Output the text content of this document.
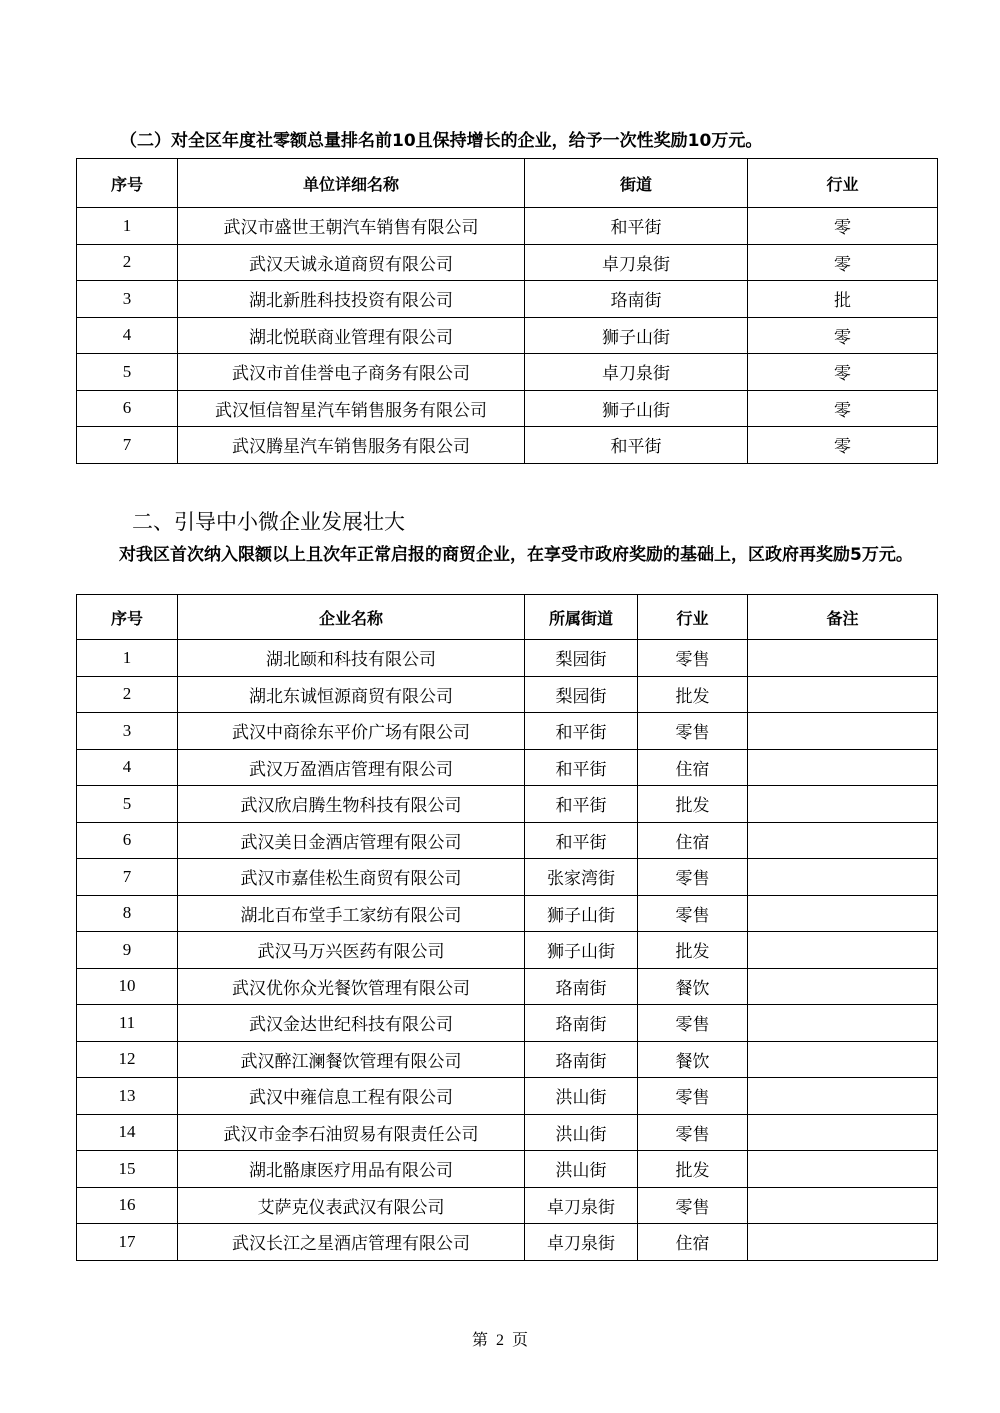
（二）对全区年度社零额总量排名前10且保持增长的企业，给予一次性奖励10万元。
序号	单位详细名称	街道	行业
1	武汉市盛世王朝汽车销售有限公司	和平街	零
2	武汉天诚永道商贸有限公司	卓刀泉街	零
3	湖北新胜科技投资有限公司	珞南街	批
4	湖北悦联商业管理有限公司	狮子山街	零
5	武汉市首佳誉电子商务有限公司	卓刀泉街	零
6	武汉恒信智星汽车销售服务有限公司	狮子山街	零
7	武汉腾星汽车销售服务有限公司	和平街	零
二、引导中小微企业发展壮大
对我区首次纳入限额以上且次年正常启报的商贸企业，在享受市政府奖励的基础上，区政府再奖励5万元。
序号	企业名称	所属街道	行业	备注
1	湖北颐和科技有限公司	梨园街	零售	
2	湖北东诚恒源商贸有限公司	梨园街	批发	
3	武汉中商徐东平价广场有限公司	和平街	零售	
4	武汉万盈酒店管理有限公司	和平街	住宿	
5	武汉欣启腾生物科技有限公司	和平街	批发	
6	武汉美日金酒店管理有限公司	和平街	住宿	
7	武汉市嘉佳松生商贸有限公司	张家湾街	零售	
8	湖北百布堂手工家纺有限公司	狮子山街	零售	
9	武汉马万兴医药有限公司	狮子山街	批发	
10	武汉优你众光餐饮管理有限公司	珞南街	餐饮	
11	武汉金达世纪科技有限公司	珞南街	零售	
12	武汉醉江澜餐饮管理有限公司	珞南街	餐饮	
13	武汉中雍信息工程有限公司	洪山街	零售	
14	武汉市金李石油贸易有限责任公司	洪山街	零售	
15	湖北骼康医疗用品有限公司	洪山街	批发	
16	艾萨克仪表武汉有限公司	卓刀泉街	零售	
17	武汉长江之星酒店管理有限公司	卓刀泉街	住宿	
第 2 页
